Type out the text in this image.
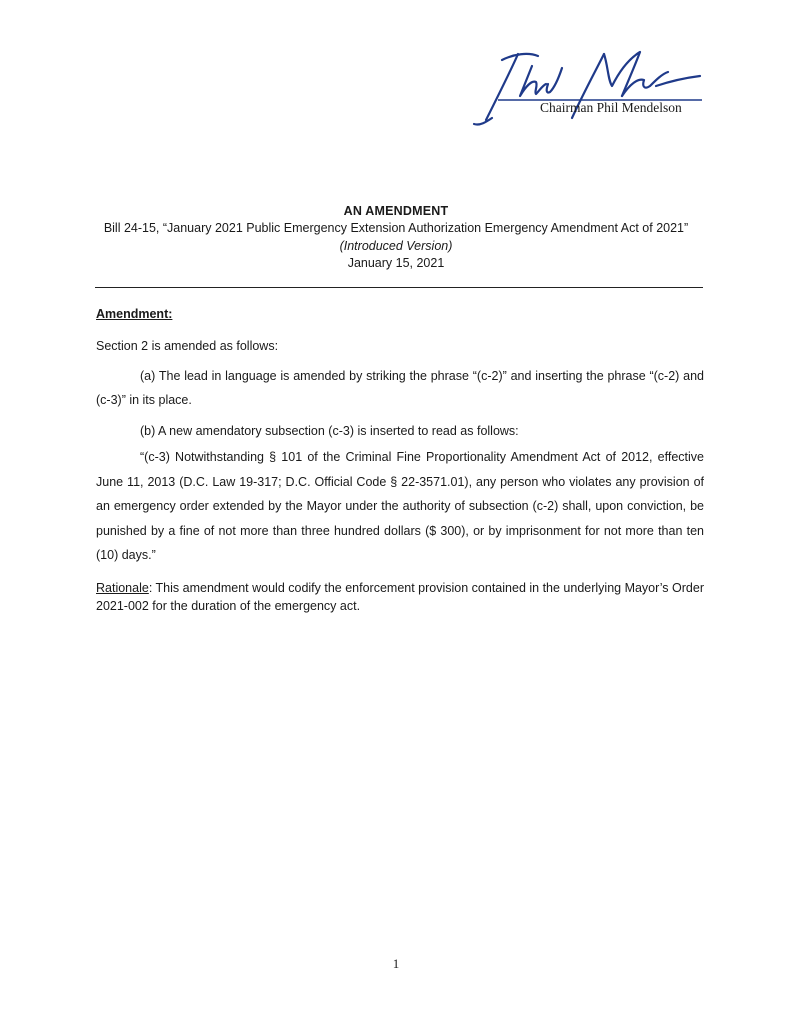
Chairman Phil Mendelson
AN AMENDMENT
Bill 24-15, “January 2021 Public Emergency Extension Authorization Emergency Amendment Act of 2021”
(Introduced Version)
January 15, 2021
Amendment:

Section 2 is amended as follows:

(a) The lead in language is amended by striking the phrase “(c-2)” and inserting the phrase “(c-2) and (c-3)” in its place.

(b) A new amendatory subsection (c-3) is inserted to read as follows:

“(c-3) Notwithstanding § 101 of the Criminal Fine Proportionality Amendment Act of 2012, effective June 11, 2013 (D.C. Law 19-317; D.C. Official Code § 22-3571.01), any person who violates any provision of an emergency order extended by the Mayor under the authority of subsection (c-2) shall, upon conviction, be punished by a fine of not more than three hundred dollars ($ 300), or by imprisonment for not more than ten (10) days.”

Rationale: This amendment would codify the enforcement provision contained in the underlying Mayor’s Order 2021-002 for the duration of the emergency act.
1
